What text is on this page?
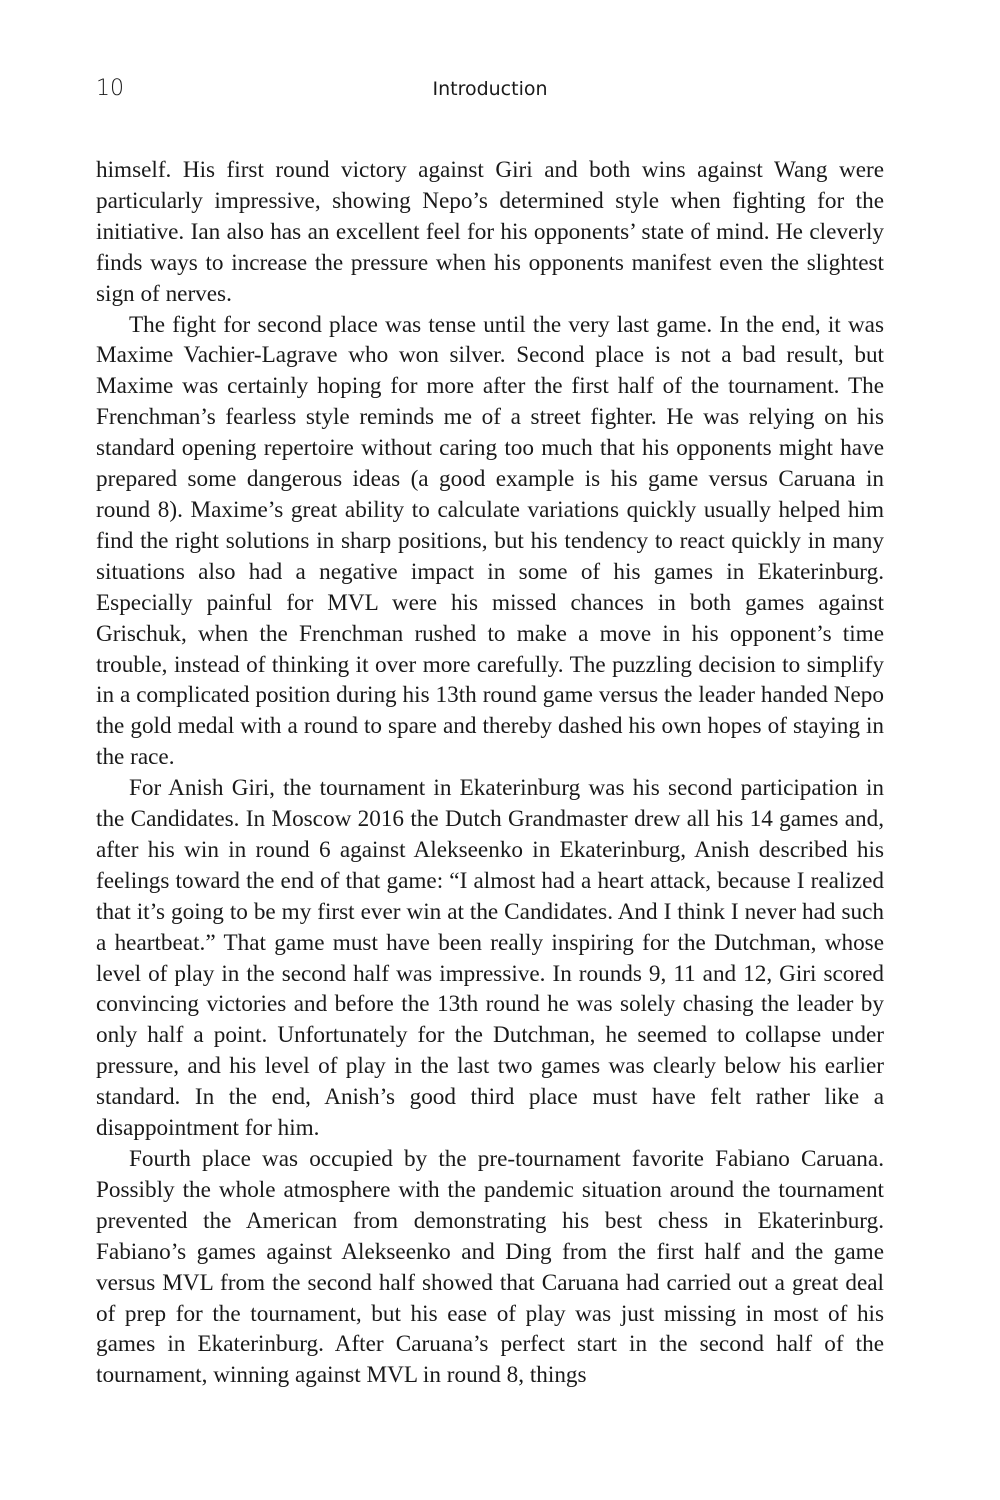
10	Introduction

himself. His first round victory against Giri and both wins against Wang were particularly impressive, showing Nepo’s determined style when fighting for the initiative. Ian also has an excellent feel for his opponents’ state of mind. He cleverly finds ways to increase the pressure when his opponents manifest even the slightest sign of nerves.

The fight for second place was tense until the very last game. In the end, it was Maxime Vachier-Lagrave who won silver. Second place is not a bad result, but Maxime was certainly hoping for more after the first half of the tournament. The Frenchman’s fearless style reminds me of a street fighter. He was relying on his standard opening repertoire without caring too much that his opponents might have prepared some dangerous ideas (a good example is his game versus Caruana in round 8). Maxime’s great ability to calculate variations quickly usually helped him find the right solutions in sharp positions, but his tendency to react quickly in many situations also had a negative impact in some of his games in Ekaterinburg. Especially painful for MVL were his missed chances in both games against Grischuk, when the Frenchman rushed to make a move in his opponent’s time trouble, instead of thinking it over more carefully. The puzzling decision to simplify in a complicated position during his 13th round game versus the leader handed Nepo the gold medal with a round to spare and thereby dashed his own hopes of staying in the race.

For Anish Giri, the tournament in Ekaterinburg was his second participation in the Candidates. In Moscow 2016 the Dutch Grandmaster drew all his 14 games and, after his win in round 6 against Alekseenko in Ekaterinburg, Anish described his feelings toward the end of that game: “I almost had a heart attack, because I realized that it’s going to be my first ever win at the Candidates. And I think I never had such a heartbeat.” That game must have been really inspiring for the Dutchman, whose level of play in the second half was impressive. In rounds 9, 11 and 12, Giri scored convincing victories and before the 13th round he was solely chasing the leader by only half a point. Unfortunately for the Dutchman, he seemed to collapse under pressure, and his level of play in the last two games was clearly below his earlier standard. In the end, Anish’s good third place must have felt rather like a disappointment for him.

Fourth place was occupied by the pre-tournament favorite Fabiano Caruana. Possibly the whole atmosphere with the pandemic situation around the tournament prevented the American from demonstrating his best chess in Ekaterinburg. Fabiano’s games against Alekseenko and Ding from the first half and the game versus MVL from the second half showed that Caruana had carried out a great deal of prep for the tournament, but his ease of play was just missing in most of his games in Ekaterinburg. After Caruana’s perfect start in the second half of the tournament, winning against MVL in round 8, things
